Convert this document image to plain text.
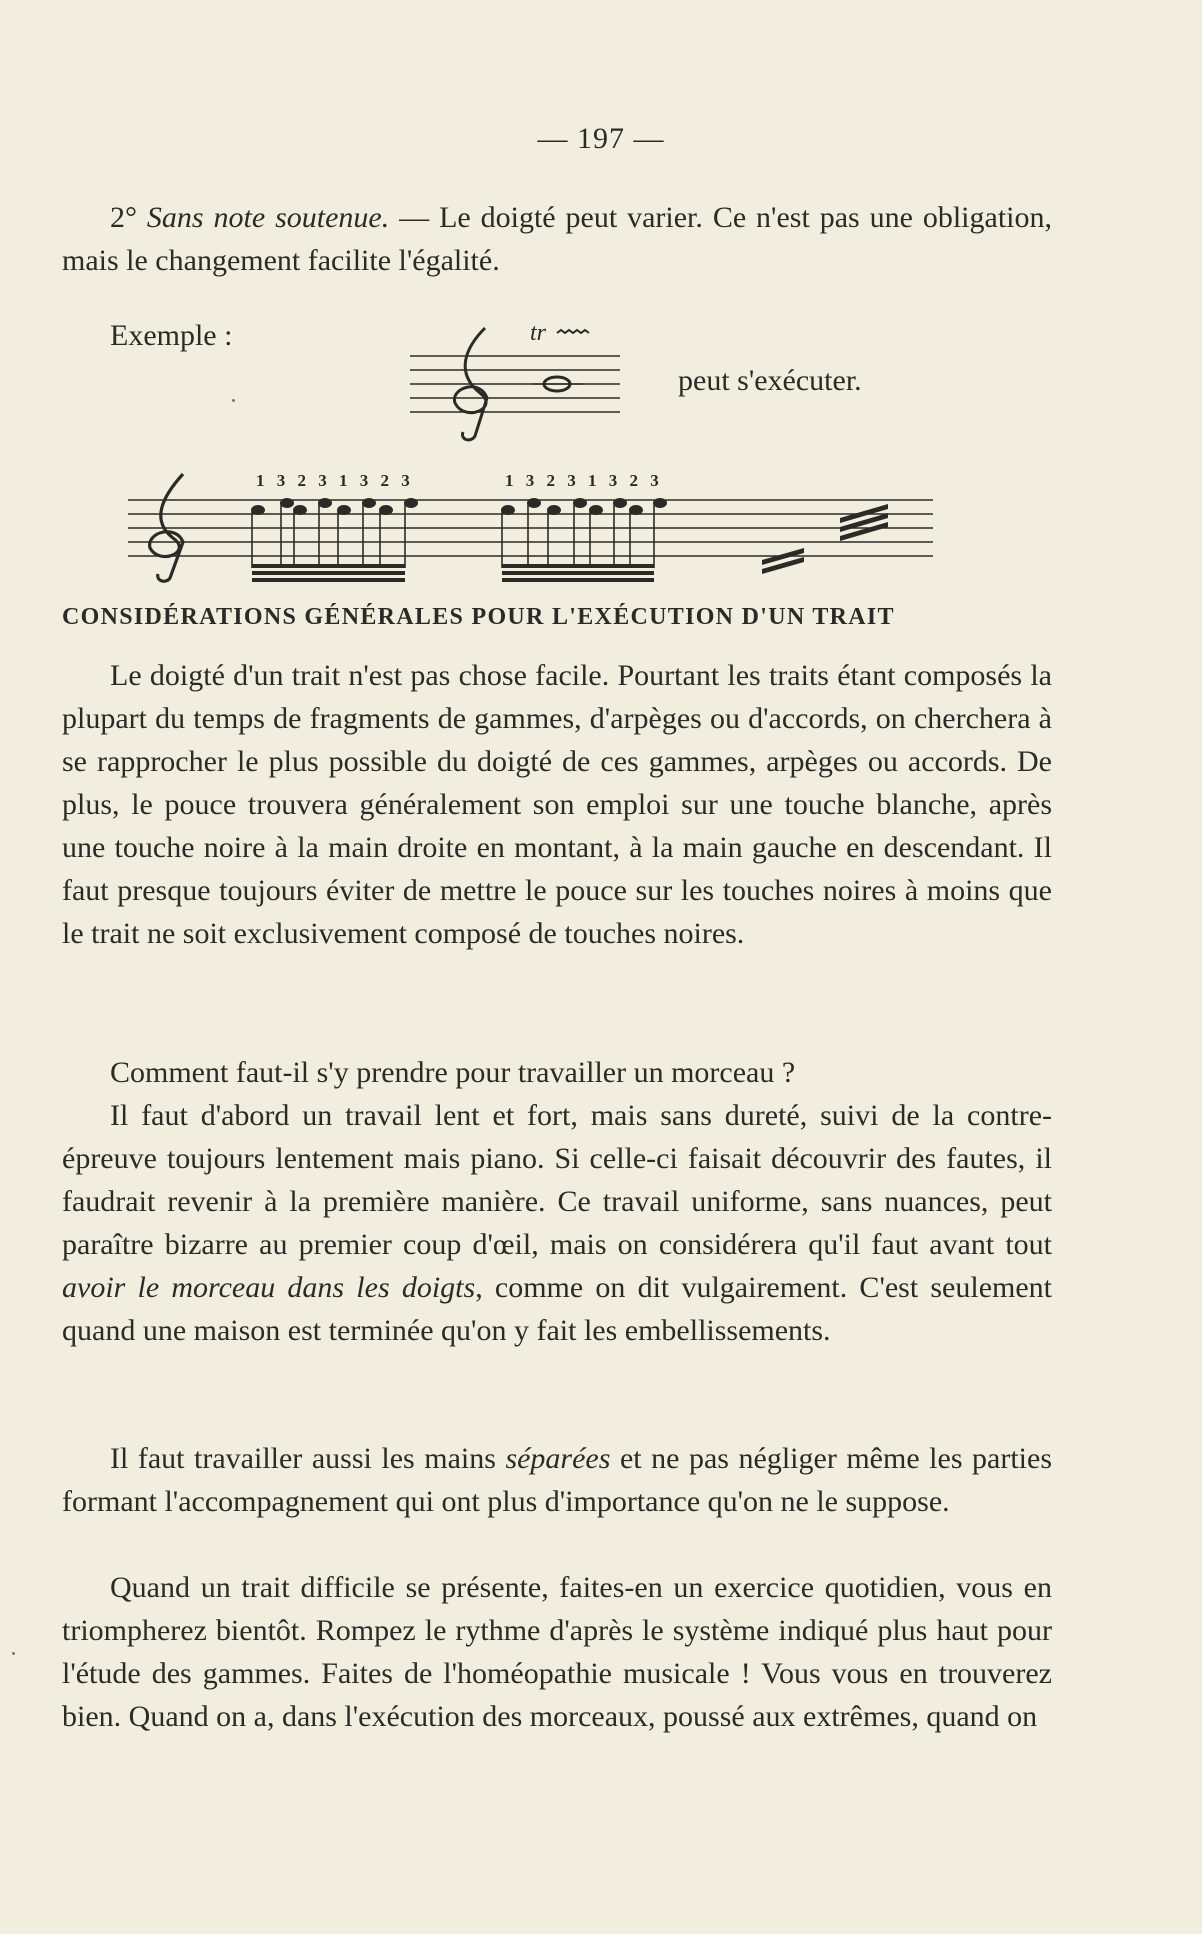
— 197 —

2° Sans note soutenue. — Le doigté peut varier. Ce n'est pas une obligation, mais le changement facilite l'égalité.

Exemple :	tr
peut s'exécuter.
1 3 2 3 1 3 2 3	1 3 2 3 1 3 2 3
CONSIDÉRATIONS GÉNÉRALES POUR L'EXÉCUTION D'UN TRAIT

Le doigté d'un trait n'est pas chose facile. Pourtant les traits étant composés la plupart du temps de fragments de gammes, d'arpèges ou d'accords, on cherchera à se rapprocher le plus possible du doigté de ces gammes, arpèges ou accords. De plus, le pouce trouvera généralement son emploi sur une touche blanche, après une touche noire à la main droite en montant, à la main gauche en descendant. Il faut presque toujours éviter de mettre le pouce sur les touches noires à moins que le trait ne soit exclusivement composé de touches noires.

Comment faut-il s'y prendre pour travailler un morceau ?

Il faut d'abord un travail lent et fort, mais sans dureté, suivi de la contre-épreuve toujours lentement mais piano. Si celle-ci faisait découvrir des fautes, il faudrait revenir à la première manière. Ce travail uniforme, sans nuances, peut paraître bizarre au premier coup d'œil, mais on considérera qu'il faut avant tout avoir le morceau dans les doigts, comme on dit vulgairement. C'est seulement quand une maison est terminée qu'on y fait les embellissements.

Il faut travailler aussi les mains séparées et ne pas négliger même les parties formant l'accompagnement qui ont plus d'importance qu'on ne le suppose.

Quand un trait difficile se présente, faites-en un exercice quotidien, vous en triompherez bientôt. Rompez le rythme d'après le système indiqué plus haut pour l'étude des gammes. Faites de l'homéopathie musicale ! Vous vous en trouverez bien. Quand on a, dans l'exécution des morceaux, poussé aux extrêmes, quand on
